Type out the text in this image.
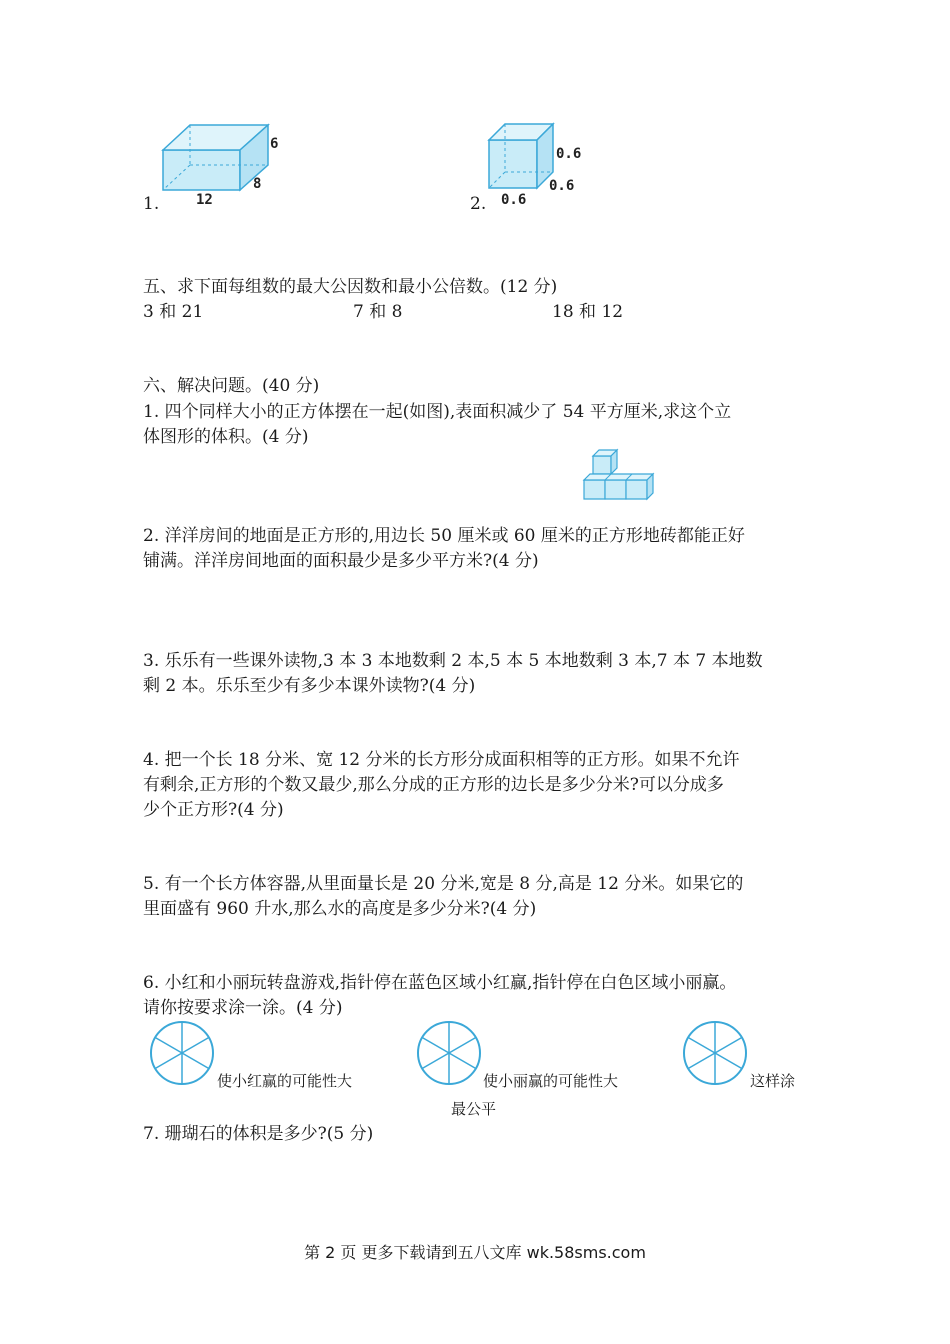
1.	12
8
6
2. 0.6
0.6
0.6
五、求下面每组数的最大公因数和最小公倍数。(12 分)
3 和 21	7 和 8	18 和 12
六、解决问题。(40 分)
1. 四个同样大小的正方体摆在一起(如图),表面积减少了 54 平方厘米,求这个立
体图形的体积。(4 分)
2. 洋洋房间的地面是正方形的,用边长 50 厘米或 60 厘米的正方形地砖都能正好
铺满。洋洋房间地面的面积最少是多少平方米?(4 分)
3. 乐乐有一些课外读物,3 本 3 本地数剩 2 本,5 本 5 本地数剩 3 本,7 本 7 本地数
剩 2 本。乐乐至少有多少本课外读物?(4 分)
4. 把一个长 18 分米、宽 12 分米的长方形分成面积相等的正方形。如果不允许
有剩余,正方形的个数又最少,那么分成的正方形的边长是多少分米?可以分成多
少个正方形?(4 分)
5. 有一个长方体容器,从里面量长是 20 分米,宽是 8 分,高是 12 分米。如果它的
里面盛有 960 升水,那么水的高度是多少分米?(4 分)
6. 小红和小丽玩转盘游戏,指针停在蓝色区域小红赢,指针停在白色区域小丽赢。
请你按要求涂一涂。(4 分)
使小红赢的可能性大	使小丽赢的可能性大	这样涂
最公平
7. 珊瑚石的体积是多少?(5 分)
第 2 页 更多下载请到五八文库 wk.58sms.com
